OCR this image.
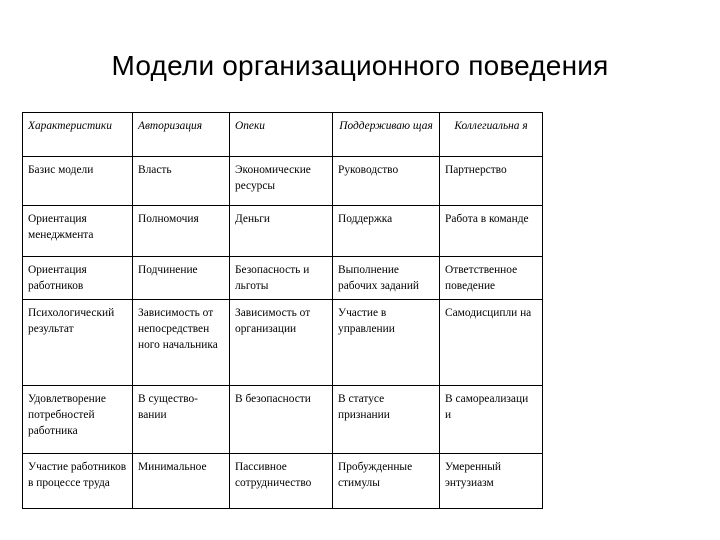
Модели организационного поведения
Характеристики	Авторизация	Опеки	Поддерживаю щая	Коллегиальна я
Базис модели	Власть	Экономические ресурсы	Руководство	Партнерство
Ориентация менеджмента	Полномочия	Деньги	Поддержка	Работа в команде
Ориентация работников	Подчинение	Безопасность и льготы	Выполнение рабочих заданий	Ответственное поведение
Психологический результат	Зависимость от непосредствен ного начальника	Зависимость от организации	Участие в управлении	Самодисципли на
Удовлетворение потребностей работника	В существо- вании	В безопасности	В статусе признании	В самореализаци и
Участие работников в процессе труда	Минимальное	Пассивное сотрудничество	Пробужденные стимулы	Умеренный энтузиазм
